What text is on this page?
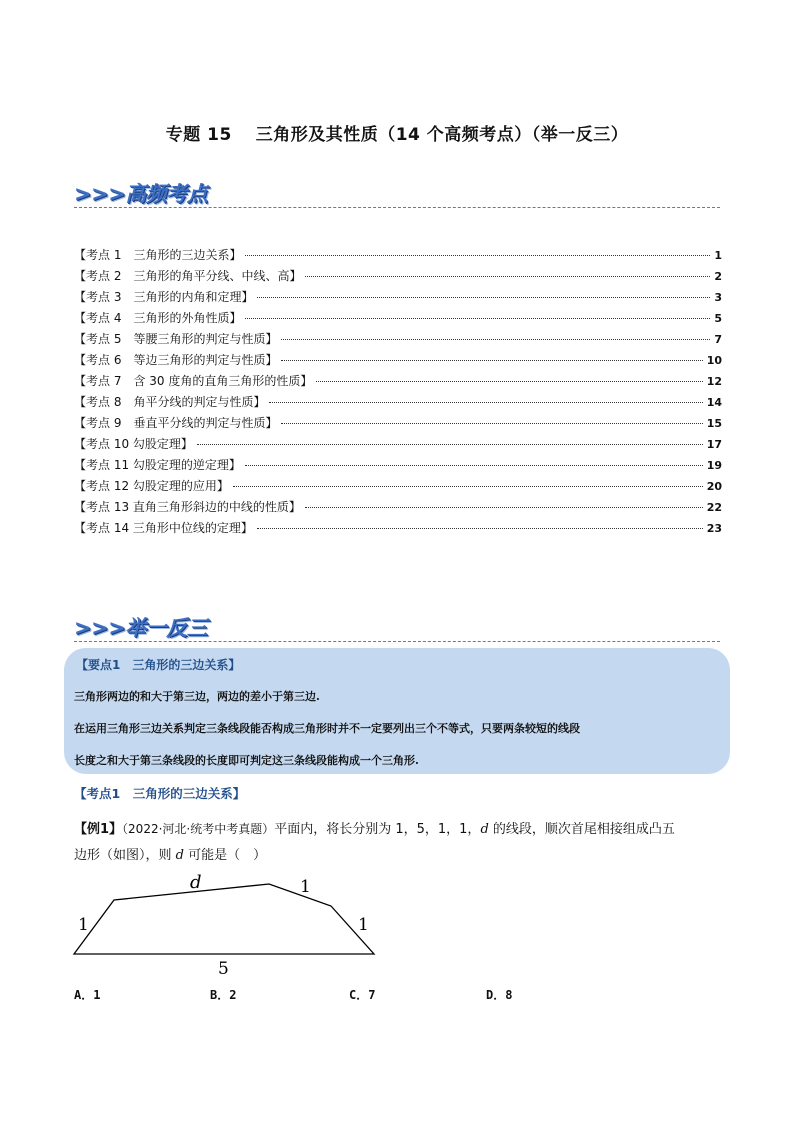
专题 15　 三角形及其性质（14 个高频考点）（举一反三）
>>>高频考点
【考点 1　三角形的三边关系】	1
【考点 2　三角形的角平分线、中线、高】	2
【考点 3　三角形的内角和定理】	3
【考点 4　三角形的外角性质】	5
【考点 5　等腰三角形的判定与性质】	7
【考点 6　等边三角形的判定与性质】	10
【考点 7　含 30 度角的直角三角形的性质】	12
【考点 8　角平分线的判定与性质】	14
【考点 9　垂直平分线的判定与性质】	15
【考点 10 勾股定理】	17
【考点 11 勾股定理的逆定理】	19
【考点 12 勾股定理的应用】	20
【考点 13 直角三角形斜边的中线的性质】	22
【考点 14 三角形中位线的定理】	23
>>>举一反三
【要点1　三角形的三边关系】
三角形两边的和大于第三边，两边的差小于第三边.
在运用三角形三边关系判定三条线段能否构成三角形时并不一定要列出三个不等式，只要两条较短的线段
长度之和大于第三条线段的长度即可判定这三条线段能构成一个三角形.
【考点1　三角形的三边关系】
【例1】（2022·河北·统考中考真题）平面内，将长分别为 1，5，1，1，d 的线段，顺次首尾相接组成凸五
边形（如图），则 d 可能是（　）
1
d	1
1
5
A．1	B．2	C．7	D．8
